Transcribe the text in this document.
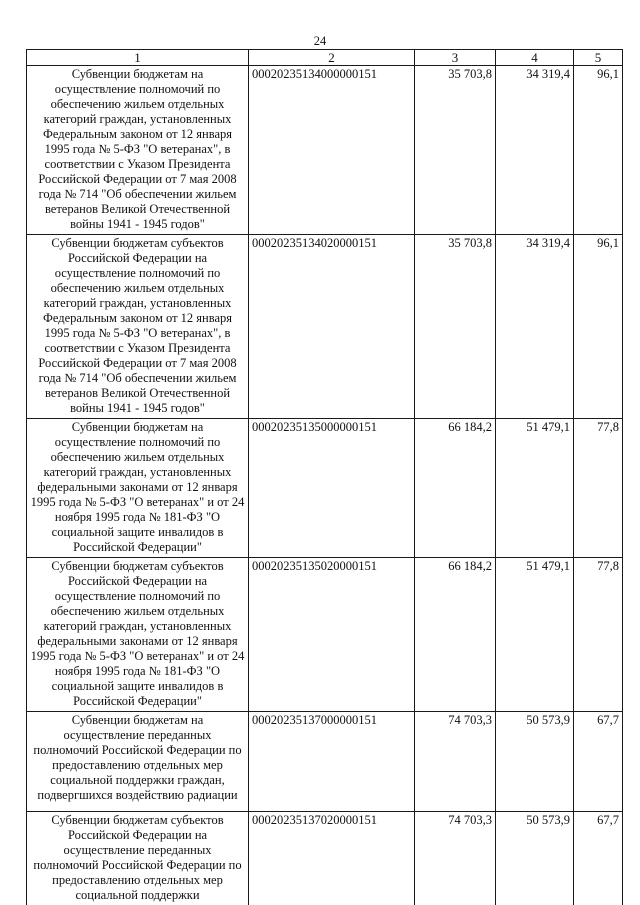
24
1	2	3	4	5
Субвенции бюджетам на осуществление полномочий по обеспечению жильем отдельных категорий граждан, установленных Федеральным законом от 12 января 1995 года № 5-ФЗ "О ветеранах", в соответствии с Указом Президента Российской Федерации от 7 мая 2008 года № 714 "Об обеспечении жильем ветеранов Великой Отечественной войны 1941 - 1945 годов"	00020235134000000151	35 703,8	34 319,4	96,1
Субвенции бюджетам субъектов Российской Федерации на осуществление полномочий по обеспечению жильем отдельных категорий граждан, установленных Федеральным законом от 12 января 1995 года № 5-ФЗ "О ветеранах", в соответствии с Указом Президента Российской Федерации от 7 мая 2008 года № 714 "Об обеспечении жильем ветеранов Великой Отечественной войны 1941 - 1945 годов"	00020235134020000151	35 703,8	34 319,4	96,1
Субвенции бюджетам на осуществление полномочий по обеспечению жильем отдельных категорий граждан, установленных федеральными законами от 12 января 1995 года № 5-ФЗ "О ветеранах" и от 24 ноября 1995 года № 181-ФЗ "О социальной защите инвалидов в Российской Федерации"	00020235135000000151	66 184,2	51 479,1	77,8
Субвенции бюджетам субъектов Российской Федерации на осуществление полномочий по обеспечению жильем отдельных категорий граждан, установленных федеральными законами от 12 января 1995 года № 5-ФЗ "О ветеранах" и от 24 ноября 1995 года № 181-ФЗ "О социальной защите инвалидов в Российской Федерации"	00020235135020000151	66 184,2	51 479,1	77,8
Субвенции бюджетам на осуществление переданных полномочий Российской Федерации по предоставлению отдельных мер социальной поддержки граждан, подвергшихся воздействию радиации	00020235137000000151	74 703,3	50 573,9	67,7
Субвенции бюджетам субъектов Российской Федерации на осуществление переданных полномочий Российской Федерации по предоставлению отдельных мер социальной поддержки	00020235137020000151	74 703,3	50 573,9	67,7
